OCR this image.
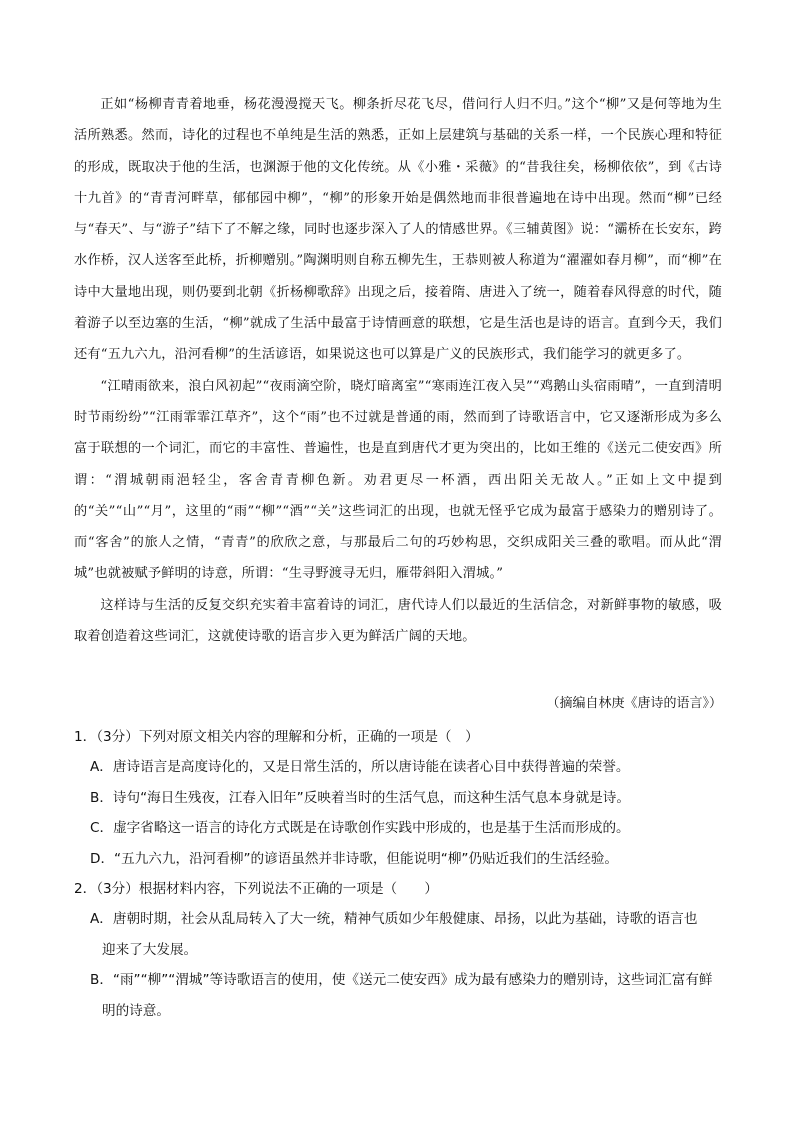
正如“杨柳青青着地垂，杨花漫漫搅天飞。柳条折尽花飞尽，借问行人归不归。”这个“柳”又是何等地为生活所熟悉。然而，诗化的过程也不单纯是生活的熟悉，正如上层建筑与基础的关系一样，一个民族心理和特征的形成，既取决于他的生活，也渊源于他的文化传统。从《小雅・采薇》的“昔我往矣，杨柳依依”，到《古诗十九首》的“青青河畔草，郁郁园中柳”，“柳”的形象开始是偶然地而非很普遍地在诗中出现。然而“柳”已经与“春天”、与“游子”结下了不解之缘，同时也逐步深入了人的情感世界。《三辅黄图》说：“灞桥在长安东，跨水作桥，汉人送客至此桥，折柳赠别。”陶渊明则自称五柳先生，王恭则被人称道为“濯濯如春月柳”，而“柳”在诗中大量地出现，则仍要到北朝《折杨柳歌辞》出现之后，接着隋、唐进入了统一，随着春风得意的时代，随着游子以至边塞的生活，“柳”就成了生活中最富于诗情画意的联想，它是生活也是诗的语言。直到今天，我们还有“五九六九，沿河看柳”的生活谚语，如果说这也可以算是广义的民族形式，我们能学习的就更多了。

“江晴雨欲来，浪白风初起”“夜雨滴空阶，晓灯暗离室”“寒雨连江夜入吴”“鸡鹅山头宿雨晴”，一直到清明时节雨纷纷”“江雨霏霏江草齐”，这个“雨”也不过就是普通的雨，然而到了诗歌语言中，它又逐渐形成为多么富于联想的一个词汇，而它的丰富性、普遍性，也是直到唐代才更为突出的，比如王维的《送元二使安西》所谓：“渭城朝雨浥轻尘，客舍青青柳色新。劝君更尽一杯酒，西出阳关无故人。”正如上文中提到的“关”“山”“月”，这里的“雨”“柳”“酒”“关”这些词汇的出现，也就无怪乎它成为最富于感染力的赠别诗了。而“客舍”的旅人之情，“青青”的欣欣之意，与那最后二句的巧妙构思，交织成阳关三叠的歌唱。而从此“渭城”也就被赋予鲜明的诗意，所谓：“生寻野渡寻无归，雁带斜阳入渭城。”

这样诗与生活的反复交织充实着丰富着诗的词汇，唐代诗人们以最近的生活信念，对新鲜事物的敏感，吸取着创造着这些词汇，这就使诗歌的语言步入更为鲜活广阔的天地。

（摘编自林庚《唐诗的语言》）

1．（3分）下列对原文相关内容的理解和分析，正确的一项是（　）

A．唐诗语言是高度诗化的，又是日常生活的，所以唐诗能在读者心目中获得普遍的荣誉。

B．诗句“海日生残夜，江春入旧年”反映着当时的生活气息，而这种生活气息本身就是诗。

C．虚字省略这一语言的诗化方式既是在诗歌创作实践中形成的，也是基于生活而形成的。

D．“五九六九，沿河看柳”的谚语虽然并非诗歌，但能说明“柳”仍贴近我们的生活经验。

2．（3分）根据材料内容，下列说法不正确的一项是（　　）

A．唐朝时期，社会从乱局转入了大一统，精神气质如少年般健康、昂扬，以此为基础，诗歌的语言也
迎来了大发展。
B．“雨”“柳”“渭城”等诗歌语言的使用，使《送元二使安西》成为最有感染力的赠别诗，这些词汇富有鲜
明的诗意。
